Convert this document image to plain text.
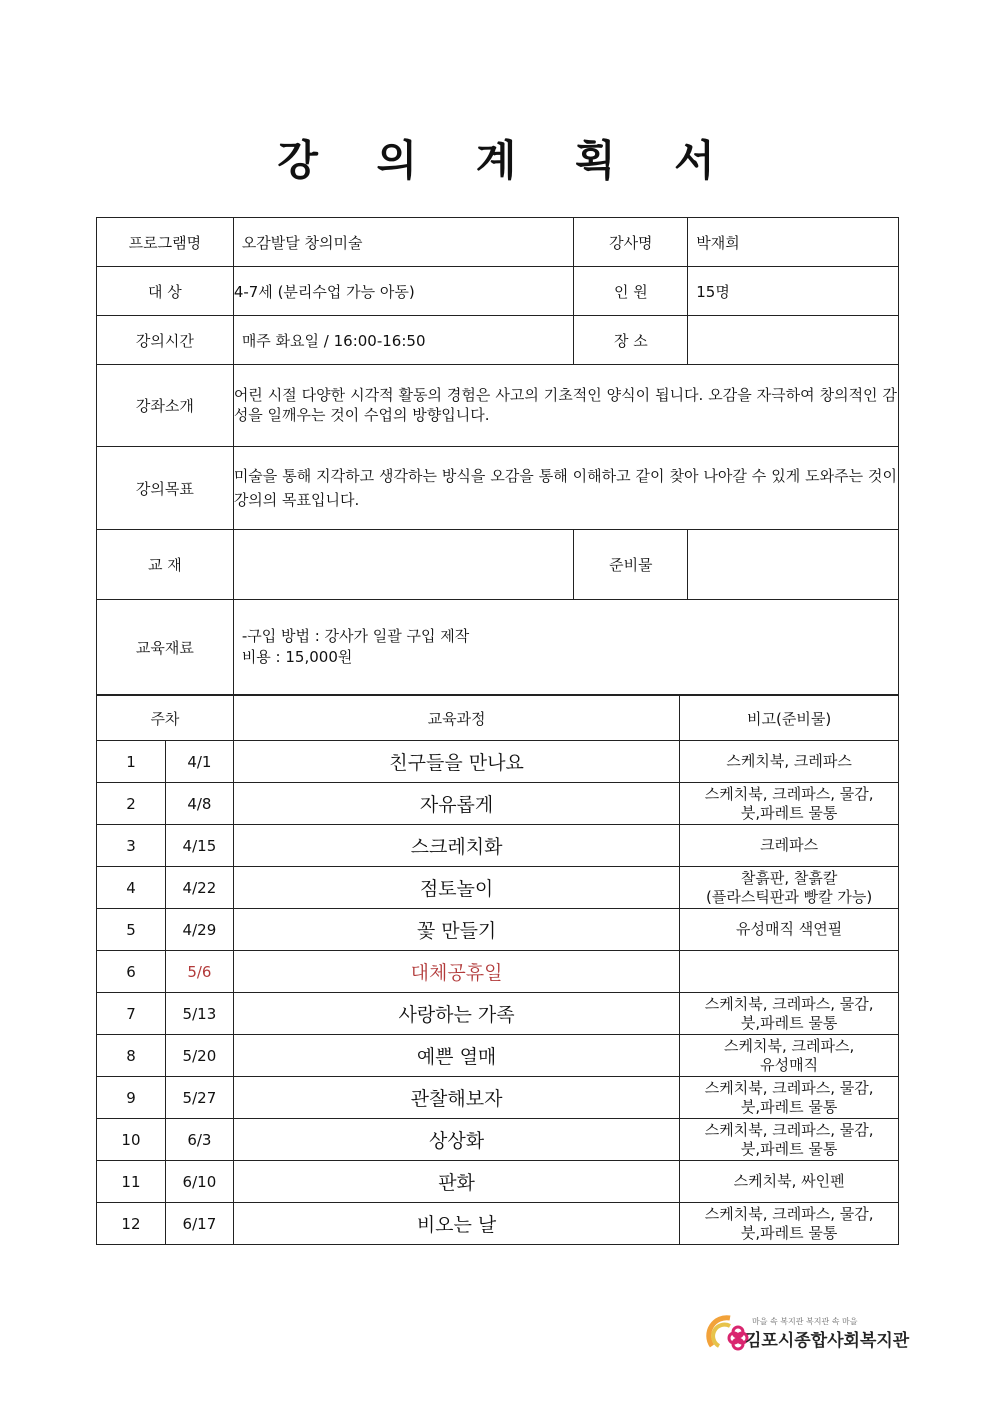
강 의 계 획 서
프로그램명	오감발달 창의미술	강사명	박재희
대 상	4-7세 (분리수업 가능 아동)	인 원	15명
강의시간	매주 화요일 / 16:00-16:50	장 소	
강좌소개	어린 시절 다양한 시각적 활동의 경험은 사고의 기초적인 양식이 됩니다. 오감을 자극하여 창의적인 감성을 일깨우는 것이 수업의 방향입니다.		
강의목표	미술을 통해 지각하고 생각하는 방식을 오감을 통해 이해하고 같이 찾아 나아갈 수 있게 도와주는 것이 강의의 목표입니다.		
교 재		준비물	
교육재료	-구입 방법 : 강사가 일괄 구입 제작
비용 : 15,000원		
주차		교육과정	비고(준비물)
1	4/1	친구들을 만나요	스케치북, 크레파스

2	4/8	자유롭게	스케치북, 크레파스, 물감,
붓,파레트 물통

3	4/15	스크레치화	크레파스

4	4/22	점토놀이	찰흙판, 찰흙칼
(플라스틱판과 빵칼 가능)

5	4/29	꽃 만들기	유성매직 색연필

6	5/6	대체공휴일	

7	5/13	사랑하는 가족	스케치북, 크레파스, 물감,
붓,파레트 물통

8	5/20	예쁜 열매	스케치북, 크레파스,
유성매직

9	5/27	관찰해보자	스케치북, 크레파스, 물감,
붓,파레트 물통

10	6/3	상상화	스케치북, 크레파스, 물감,
붓,파레트 물통

11	6/10	판화	스케치북, 싸인펜

12	6/17	비오는 날	스케치북, 크레파스, 물감,
붓,파레트 물통
마을 속 복지관 복지관 속 마을
김포시종합사회복지관
